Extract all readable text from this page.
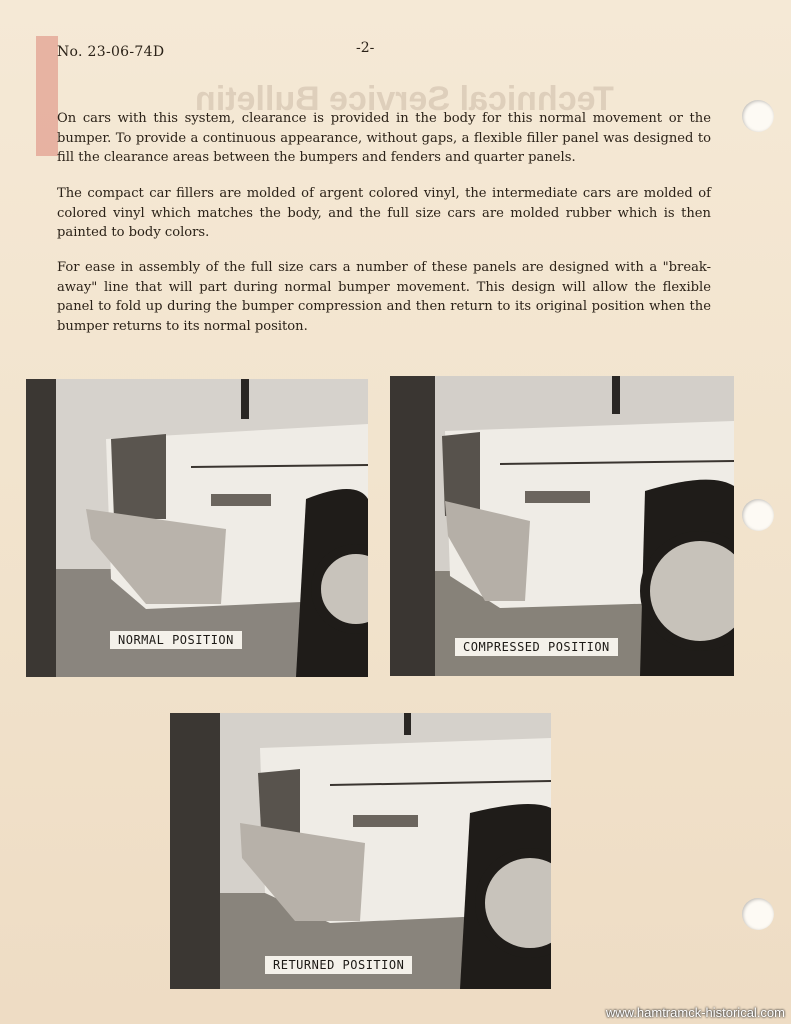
Technical Service Bulletin
No. 23-06-74D	-2-

On cars with this system, clearance is provided in the body for this normal movement or the bumper. To provide a continuous appearance, without gaps, a flexible filler panel was designed to fill the clearance areas between the bumpers and fenders and quarter panels.

The compact car fillers are molded of argent colored vinyl, the intermediate cars are molded of colored vinyl which matches the body, and the full size cars are molded rubber which is then painted to body colors.

For ease in assembly of the full size cars a number of these panels are designed with a "break-away" line that will part during normal bumper movement. This design will allow the flexible panel to fold up during the bumper compression and then return to its original position when the bumper returns to its normal positon.

NORMAL POSITION	COMPRESSED POSITION
RETURNED POSITION
www.hamtramck-historical.com
